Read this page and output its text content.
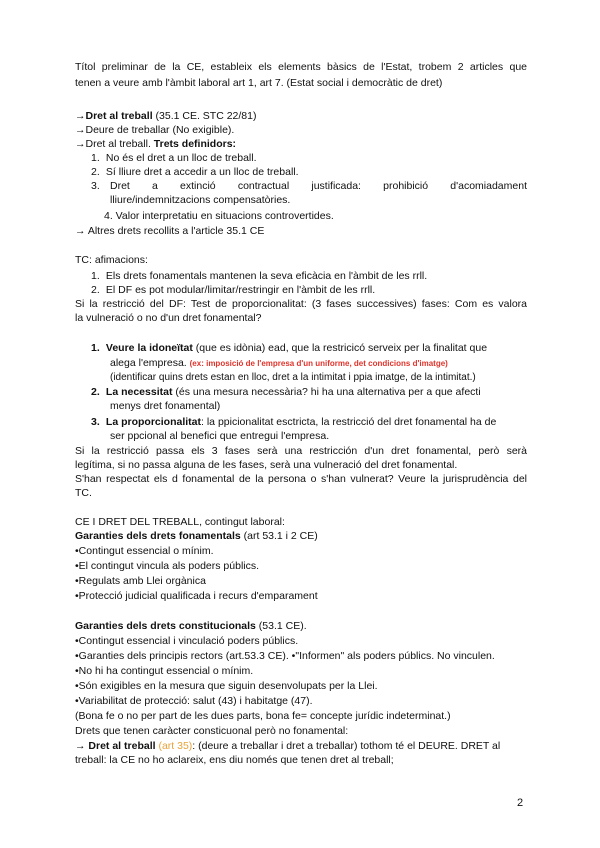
Títol preliminar de la CE, estableix els elements bàsics de l'Estat, trobem 2 articles que
tenen a veure amb l'àmbit laboral art 1, art 7. (Estat social i democràtic de dret)
→Dret al treball (35.1 CE. STC 22/81)
→Deure de treballar (No exigible).
→Dret al treball. Trets definidors:
1. No és el dret a un lloc de treball.
2. Sí lliure dret a accedir a un lloc de treball.
3. Dret a extinció contractual justificada: prohibició d'acomiadament
lliure/indemnitzacions compensatòries.
4. Valor interpretatiu en situacions controvertides.
→ Altres drets recollits a l'article 35.1 CE
TC: afimacions:
1. Els drets fonamentals mantenen la seva eficàcia en l'àmbit de les rrll.
2. El DF es pot modular/limitar/restringir en l'àmbit de les rrll.
Si la restricció del DF: Test de proporcionalitat: (3 fases successives) fases: Com es valora
la vulneració o no d'un dret fonamental?
1. Veure la idoneïtat (que es idònia) ead, que la restricicó serveix per la finalitat que
alega l'empresa. (ex: imposició de l'empresa d'un uniforme, det condicions d'imatge)
(identificar quins drets estan en lloc, dret a la intimitat i ppia imatge, de la intimitat.)
2. La necessitat (és una mesura necessària? hi ha una alternativa per a que afecti
menys dret fonamental)
3. La proporcionalitat: la ppicionalitat esctricta, la restricció del dret fonamental ha de
ser ppcional al benefici que entregui l'empresa.
Si la restricció passa els 3 fases serà una restricción d'un dret fonamental, però serà
legítima, si no passa alguna de les fases, serà una vulneració del dret fonamental.
S'han respectat els d fonamental de la persona o s'han vulnerat? Veure la jurisprudència del
TC.
CE I DRET DEL TREBALL, contingut laboral:
Garanties dels drets fonamentals (art 53.1 i 2 CE)
•Contingut essencial o mínim.
•El contingut vincula als poders públics.
•Regulats amb Llei orgànica
•Protecció judicial qualificada i recurs d'emparament
Garanties dels drets constitucionals (53.1 CE).
•Contingut essencial i vinculació poders públics.
•Garanties dels principis rectors (art.53.3 CE). •"Informen" als poders públics. No vinculen.
•No hi ha contingut essencial o mínim.
•Són exigibles en la mesura que siguin desenvolupats per la Llei.
•Variabilitat de protecció: salut (43) i habitatge (47).
(Bona fe o no per part de les dues parts, bona fe= concepte jurídic indeterminat.)
Drets que tenen caràcter consticuonal però no fonamental:
→ Dret al treball (art 35): (deure a treballar i dret a treballar) tothom té el DEURE. DRET al
treball: la CE no ho aclareix, ens diu només que tenen dret al treball;
2
